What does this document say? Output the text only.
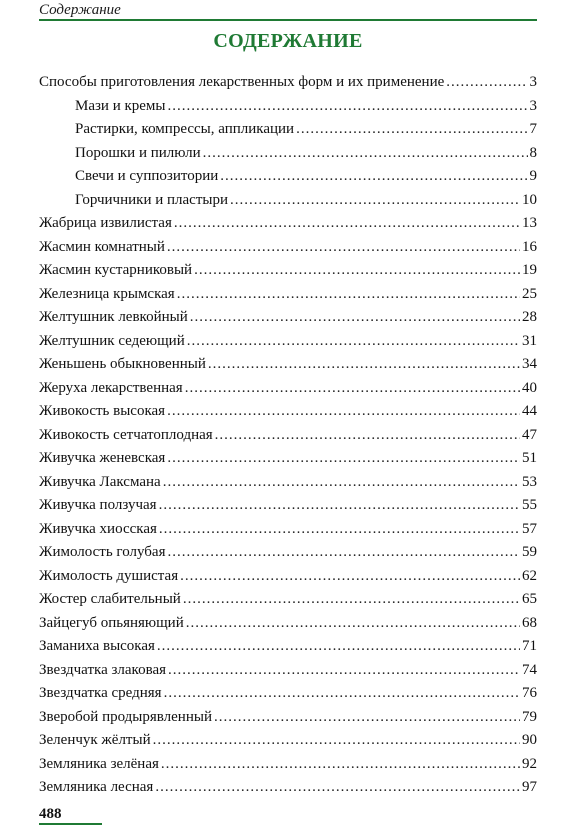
Содержание
СОДЕРЖАНИЕ
Способы приготовления лекарственных форм и их применение .....	3
Мази и кремы .....	3
Растирки, компрессы, аппликации .....	7
Порошки и пилюли .....	8
Свечи и суппозитории .....	9
Горчичники и пластыри .....	10
Жабрица извилистая .....	13
Жасмин комнатный .....	16
Жасмин кустарниковый .....	19
Железница крымская .....	25
Желтушник левкойный .....	28
Желтушник седеющий .....	31
Женьшень обыкновенный .....	34
Жеруха лекарственная .....	40
Живокость высокая .....	44
Живокость сетчатоплодная .....	47
Живучка женевская .....	51
Живучка Лаксмана .....	53
Живучка ползучая .....	55
Живучка хиосская .....	57
Жимолость голубая .....	59
Жимолость душистая .....	62
Жостер слабительный .....	65
Зайцегуб опьяняющий .....	68
Заманиха высокая .....	71
Звездчатка злаковая .....	74
Звездчатка средняя .....	76
Зверобой продырявленный .....	79
Зеленчук жёлтый .....	90
Земляника зелёная .....	92
Земляника лесная .....	97
488
